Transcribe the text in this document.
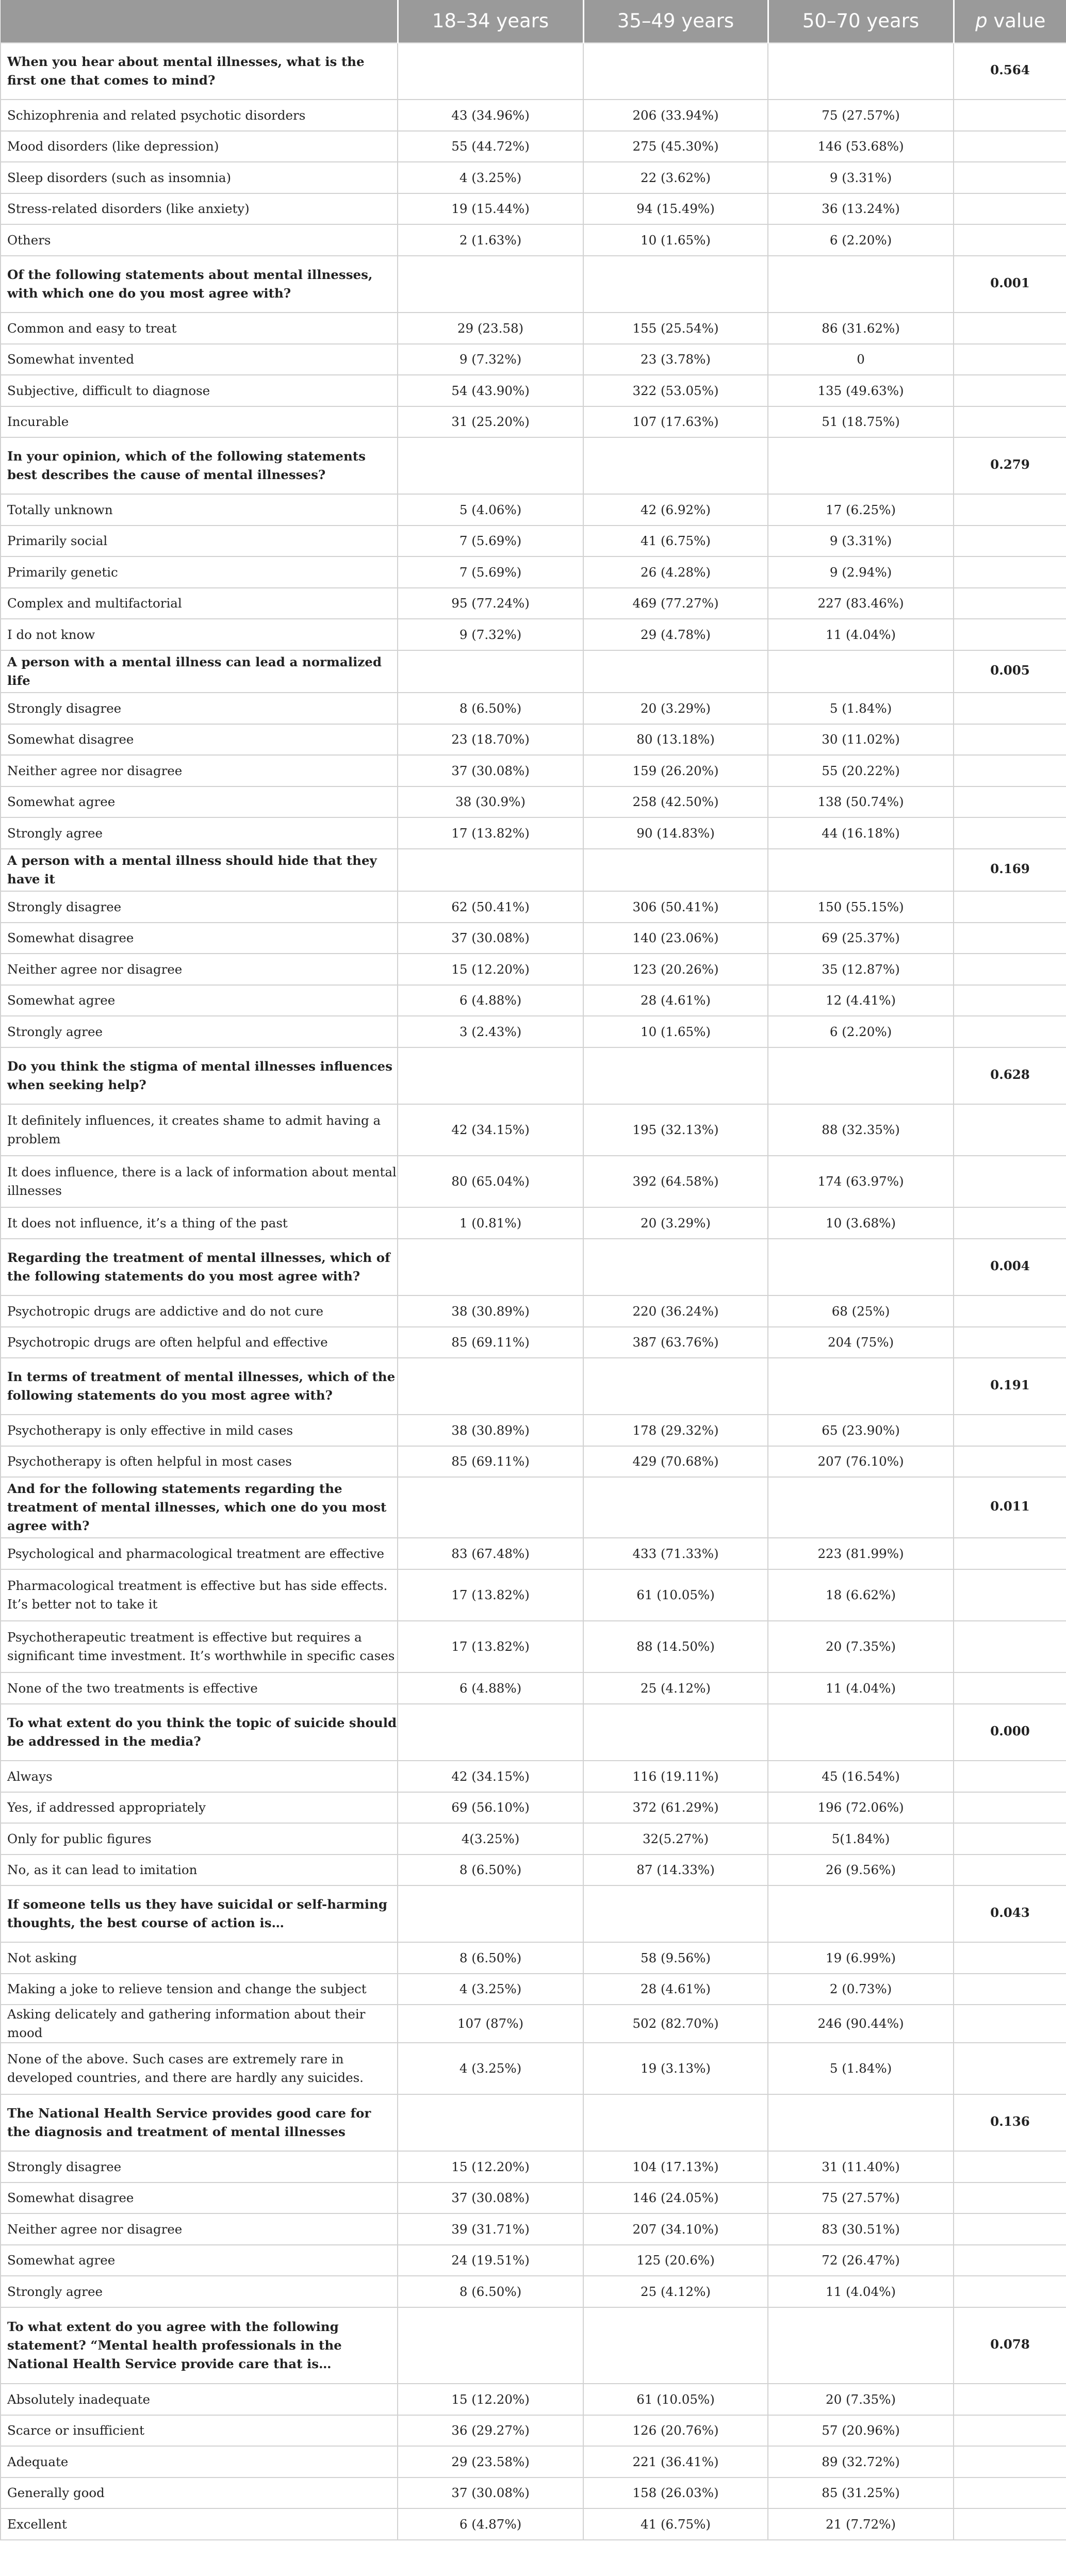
	18–34 years	35–49 years	50–70 years	p value
When you hear about mental illnesses, what is the first one that comes to mind?				0.564
Schizophrenia and related psychotic disorders	43 (34.96%)	206 (33.94%)	75 (27.57%)	
Mood disorders (like depression)	55 (44.72%)	275 (45.30%)	146 (53.68%)	
Sleep disorders (such as insomnia)	4 (3.25%)	22 (3.62%)	9 (3.31%)	
Stress-related disorders (like anxiety)	19 (15.44%)	94 (15.49%)	36 (13.24%)	
Others	2 (1.63%)	10 (1.65%)	6 (2.20%)	
Of the following statements about mental illnesses, with which one do you most agree with?				0.001
Common and easy to treat	29 (23.58)	155 (25.54%)	86 (31.62%)	
Somewhat invented	9 (7.32%)	23 (3.78%)	0	
Subjective, difficult to diagnose	54 (43.90%)	322 (53.05%)	135 (49.63%)	
Incurable	31 (25.20%)	107 (17.63%)	51 (18.75%)	
In your opinion, which of the following statements best describes the cause of mental illnesses?				0.279
Totally unknown	5 (4.06%)	42 (6.92%)	17 (6.25%)	
Primarily social	7 (5.69%)	41 (6.75%)	9 (3.31%)	
Primarily genetic	7 (5.69%)	26 (4.28%)	9 (2.94%)	
Complex and multifactorial	95 (77.24%)	469 (77.27%)	227 (83.46%)	
I do not know	9 (7.32%)	29 (4.78%)	11 (4.04%)	
A person with a mental illness can lead a normalized life				0.005
Strongly disagree	8 (6.50%)	20 (3.29%)	5 (1.84%)	
Somewhat disagree	23 (18.70%)	80 (13.18%)	30 (11.02%)	
Neither agree nor disagree	37 (30.08%)	159 (26.20%)	55 (20.22%)	
Somewhat agree	38 (30.9%)	258 (42.50%)	138 (50.74%)	
Strongly agree	17 (13.82%)	90 (14.83%)	44 (16.18%)	
A person with a mental illness should hide that they have it				0.169
Strongly disagree	62 (50.41%)	306 (50.41%)	150 (55.15%)	
Somewhat disagree	37 (30.08%)	140 (23.06%)	69 (25.37%)	
Neither agree nor disagree	15 (12.20%)	123 (20.26%)	35 (12.87%)	
Somewhat agree	6 (4.88%)	28 (4.61%)	12 (4.41%)	
Strongly agree	3 (2.43%)	10 (1.65%)	6 (2.20%)	
Do you think the stigma of mental illnesses influences when seeking help?				0.628
It definitely influences, it creates shame to admit having a problem	42 (34.15%)	195 (32.13%)	88 (32.35%)	
It does influence, there is a lack of information about mental illnesses	80 (65.04%)	392 (64.58%)	174 (63.97%)	
It does not influence, it’s a thing of the past	1 (0.81%)	20 (3.29%)	10 (3.68%)	
Regarding the treatment of mental illnesses, which of the following statements do you most agree with?				0.004
Psychotropic drugs are addictive and do not cure	38 (30.89%)	220 (36.24%)	68 (25%)	
Psychotropic drugs are often helpful and effective	85 (69.11%)	387 (63.76%)	204 (75%)	
In terms of treatment of mental illnesses, which of the following statements do you most agree with?				0.191
Psychotherapy is only effective in mild cases	38 (30.89%)	178 (29.32%)	65 (23.90%)	
Psychotherapy is often helpful in most cases	85 (69.11%)	429 (70.68%)	207 (76.10%)	
And for the following statements regarding the treatment of mental illnesses, which one do you most agree with?				0.011
Psychological and pharmacological treatment are effective	83 (67.48%)	433 (71.33%)	223 (81.99%)	
Pharmacological treatment is effective but has side effects. It’s better not to take it	17 (13.82%)	61 (10.05%)	18 (6.62%)	
Psychotherapeutic treatment is effective but requires a significant time investment. It’s worthwhile in specific cases	17 (13.82%)	88 (14.50%)	20 (7.35%)	
None of the two treatments is effective	6 (4.88%)	25 (4.12%)	11 (4.04%)	
To what extent do you think the topic of suicide should be addressed in the media?				0.000
Always	42 (34.15%)	116 (19.11%)	45 (16.54%)	
Yes, if addressed appropriately	69 (56.10%)	372 (61.29%)	196 (72.06%)	
Only for public figures	4(3.25%)	32(5.27%)	5(1.84%)	
No, as it can lead to imitation	8 (6.50%)	87 (14.33%)	26 (9.56%)	
If someone tells us they have suicidal or self-harming thoughts, the best course of action is…				0.043
Not asking	8 (6.50%)	58 (9.56%)	19 (6.99%)	
Making a joke to relieve tension and change the subject	4 (3.25%)	28 (4.61%)	2 (0.73%)	
Asking delicately and gathering information about their mood	107 (87%)	502 (82.70%)	246 (90.44%)	
None of the above. Such cases are extremely rare in developed countries, and there are hardly any suicides.	4 (3.25%)	19 (3.13%)	5 (1.84%)	
The National Health Service provides good care for the diagnosis and treatment of mental illnesses				0.136
Strongly disagree	15 (12.20%)	104 (17.13%)	31 (11.40%)	
Somewhat disagree	37 (30.08%)	146 (24.05%)	75 (27.57%)	
Neither agree nor disagree	39 (31.71%)	207 (34.10%)	83 (30.51%)	
Somewhat agree	24 (19.51%)	125 (20.6%)	72 (26.47%)	
Strongly agree	8 (6.50%)	25 (4.12%)	11 (4.04%)	
To what extent do you agree with the following statement? “Mental health professionals in the National Health Service provide care that is…				0.078
Absolutely inadequate	15 (12.20%)	61 (10.05%)	20 (7.35%)	
Scarce or insufficient	36 (29.27%)	126 (20.76%)	57 (20.96%)	
Adequate	29 (23.58%)	221 (36.41%)	89 (32.72%)	
Generally good	37 (30.08%)	158 (26.03%)	85 (31.25%)	
Excellent	6 (4.87%)	41 (6.75%)	21 (7.72%)	
